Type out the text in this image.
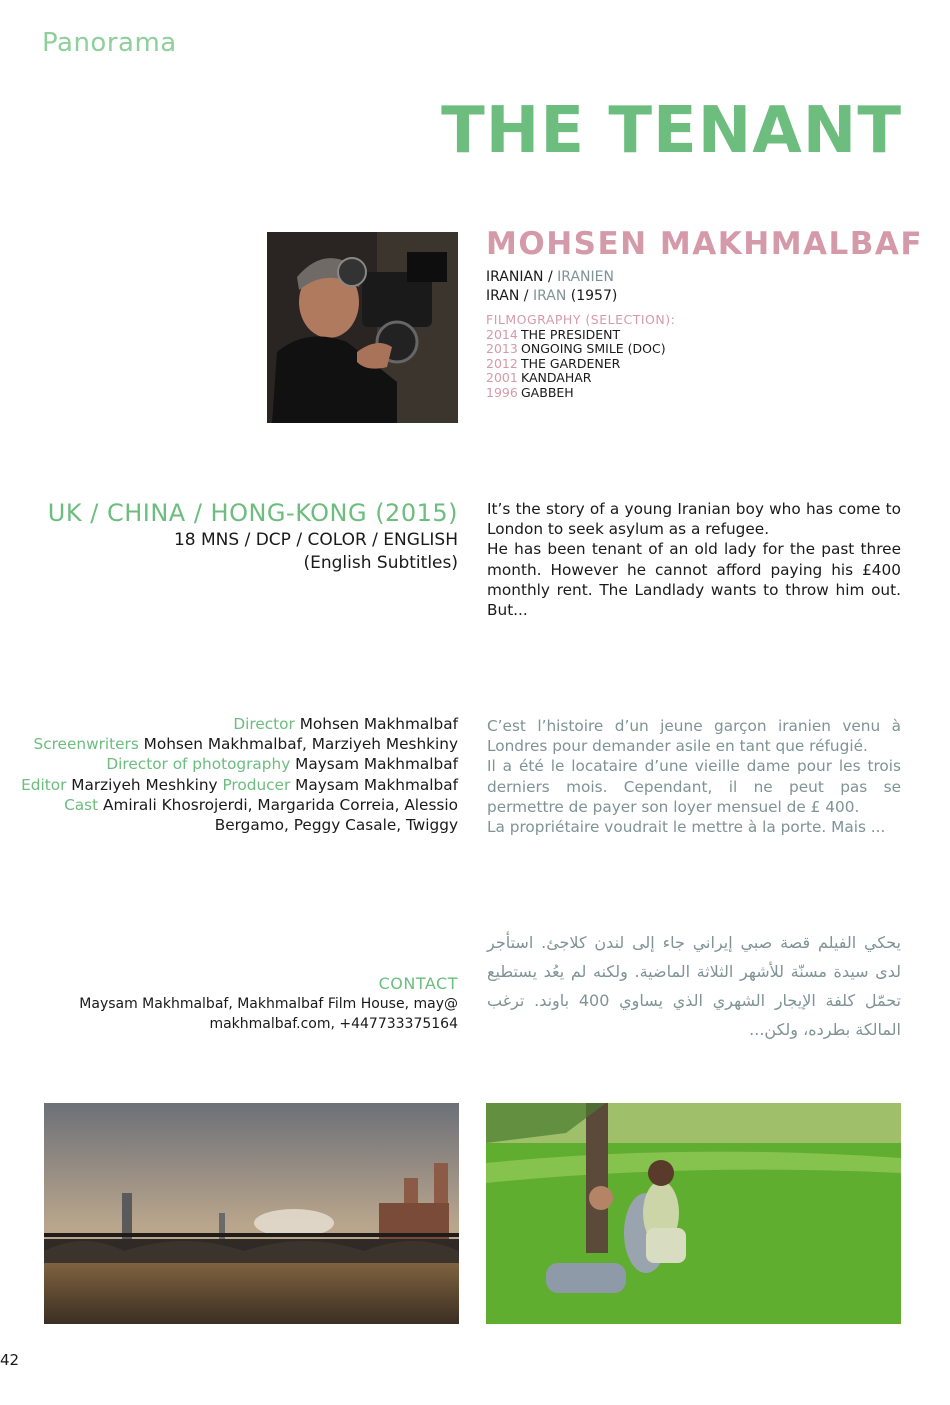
Panorama
THE TENANT
MOHSEN MAKHMALBAF
IRANIAN / IRANIEN
IRAN / IRAN (1957)
FILMOGRAPHY (SELECTION):
2014 THE PRESIDENT
2013 ONGOING SMILE (DOC)
2012 THE GARDENER
2001 KANDAHAR
1996 GABBEH
UK / CHINA / HONG-KONG (2015)
18 MNS / DCP / COLOR / ENGLISH
(English Subtitles)
It’s the story of a young Iranian boy who has come to London to seek asylum as a refugee.
He has been tenant of an old lady for the past three month. However he cannot afford paying his £400 monthly rent. The Landlady wants to throw him out. But...
Director Mohsen Makhmalbaf
Screenwriters Mohsen Makhmalbaf, Marziyeh Meshkiny
Director of photography Maysam Makhmalbaf
Editor Marziyeh Meshkiny Producer Maysam Makhmalbaf
Cast Amirali Khosrojerdi, Margarida Correia, Alessio Bergamo, Peggy Casale, Twiggy
C’est l’histoire d’un jeune garçon iranien venu à Londres pour demander asile en tant que réfugié.
Il a été le locataire d’une vieille dame pour les trois derniers mois. Cependant, il ne peut pas se permettre de payer son loyer mensuel de £ 400.
La propriétaire voudrait le mettre à la porte. Mais ...
يحكي الفيلم قصة صبي إيراني جاء إلى لندن كلاجئ. استأجر لدى سيدة مسنّة للأشهر الثلاثة الماضية. ولكنه لم يعُد يستطيع تحمّل كلفة الإيجار الشهري الذي يساوي 400 باوند. ترغب المالكة بطرده، ولكن...
CONTACT
Maysam Makhmalbaf, Makhmalbaf Film House, may@
makhmalbaf.com, +447733375164
42
